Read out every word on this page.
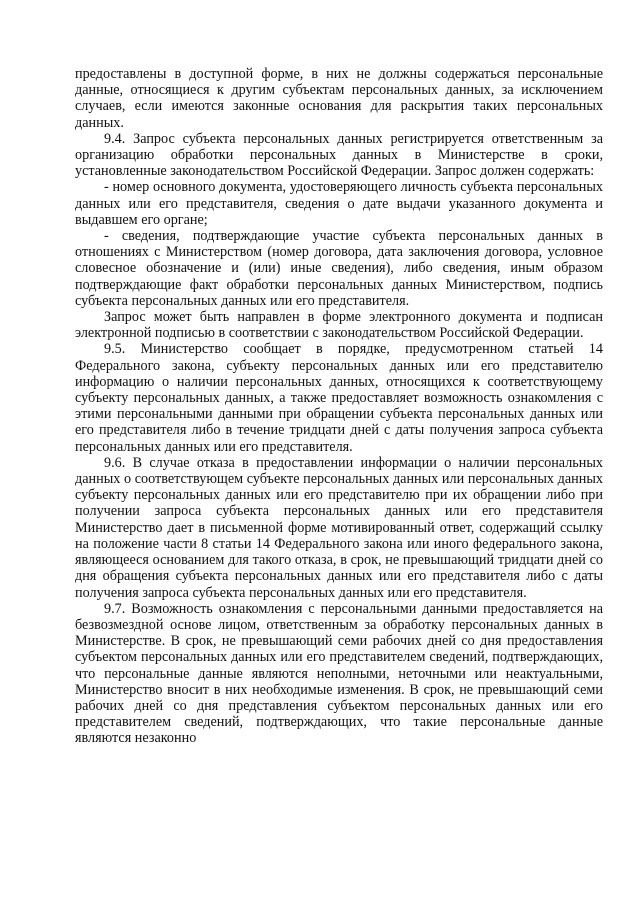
предоставлены в доступной форме, в них не должны содержаться персональные данные, относящиеся к другим субъектам персональных данных, за исключением случаев, если имеются законные основания для раскрытия таких персональных данных.

9.4. Запрос субъекта персональных данных регистрируется ответственным за организацию обработки персональных данных в Министерстве в сроки, установленные законодательством Российской Федерации. Запрос должен содержать:

- номер основного документа, удостоверяющего личность субъекта персональных данных или его представителя, сведения о дате выдачи указанного документа и выдавшем его органе;

- сведения, подтверждающие участие субъекта персональных данных в отношениях с Министерством (номер договора, дата заключения договора, условное словесное обозначение и (или) иные сведения), либо сведения, иным образом подтверждающие факт обработки персональных данных Министерством, подпись субъекта персональных данных или его представителя.

Запрос может быть направлен в форме электронного документа и подписан электронной подписью в соответствии с законодательством Российской Федерации.

9.5. Министерство сообщает в порядке, предусмотренном статьей 14 Федерального закона, субъекту персональных данных или его представителю информацию о наличии персональных данных, относящихся к соответствующему субъекту персональных данных, а также предоставляет возможность ознакомления с этими персональными данными при обращении субъекта персональных данных или его представителя либо в течение тридцати дней с даты получения запроса субъекта персональных данных или его представителя.

9.6. В случае отказа в предоставлении информации о наличии персональных данных о соответствующем субъекте персональных данных или персональных данных субъекту персональных данных или его представителю при их обращении либо при получении запроса субъекта персональных данных или его представителя Министерство дает в письменной форме мотивированный ответ, содержащий ссылку на положение части 8 статьи 14 Федерального закона или иного федерального закона, являющееся основанием для такого отказа, в срок, не превышающий тридцати дней со дня обращения субъекта персональных данных или его представителя либо с даты получения запроса субъекта персональных данных или его представителя.

9.7. Возможность ознакомления с персональными данными предоставляется на безвозмездной основе лицом, ответственным за обработку персональных данных в Министерстве. В срок, не превышающий семи рабочих дней со дня предоставления субъектом персональных данных или его представителем сведений, подтверждающих, что персональные данные являются неполными, неточными или неактуальными, Министерство вносит в них необходимые изменения. В срок, не превышающий семи рабочих дней со дня представления субъектом персональных данных или его представителем сведений, подтверждающих, что такие персональные данные являются незаконно
